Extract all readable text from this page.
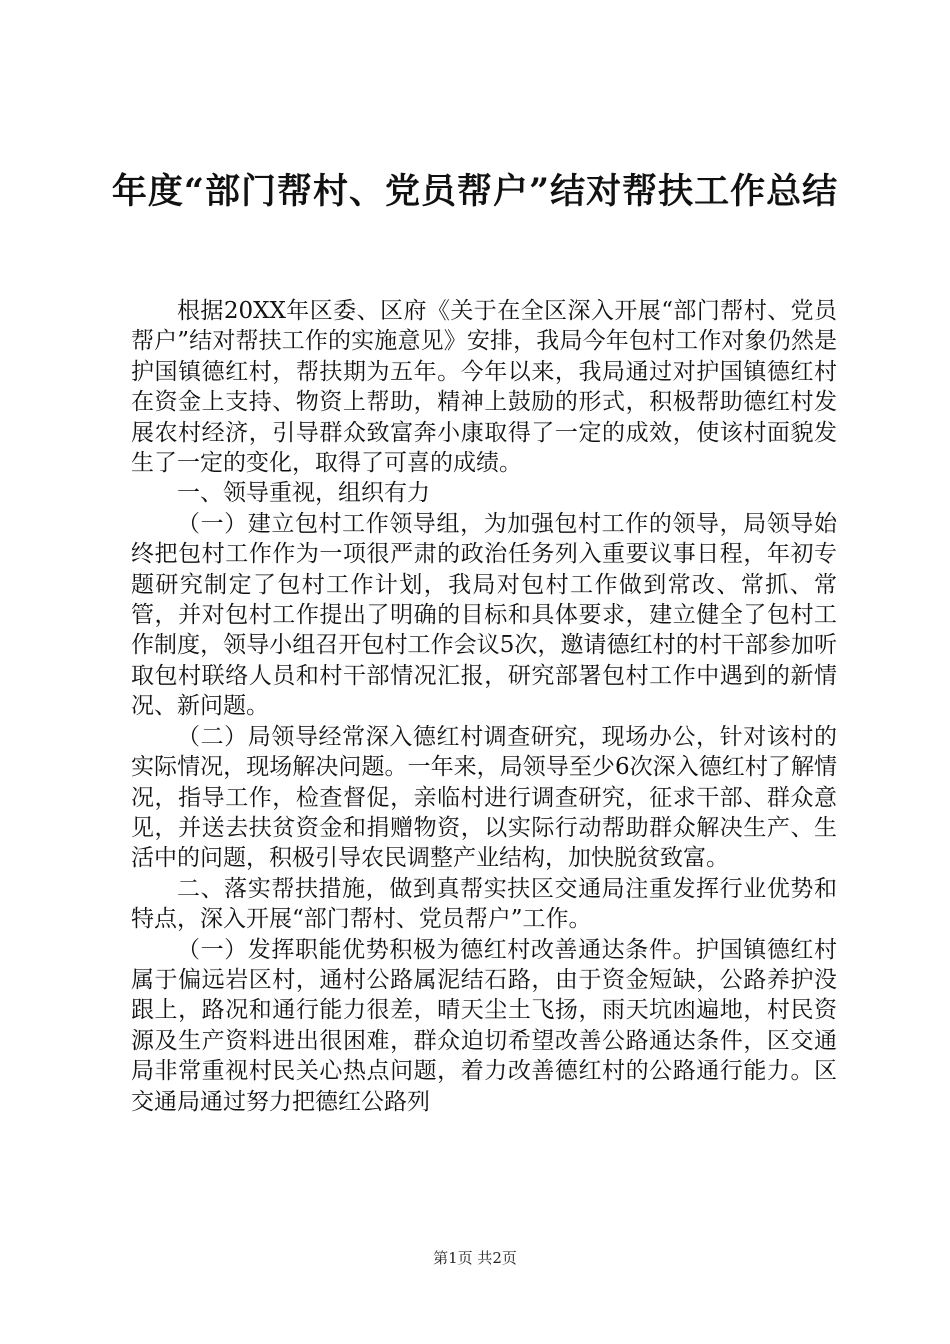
年度“部门帮村、党员帮户”结对帮扶工作总结

根据20XX年区委、区府《关于在全区深入开展“部门帮村、党员帮户”结对帮扶工作的实施意见》安排，我局今年包村工作对象仍然是护国镇德红村，帮扶期为五年。今年以来，我局通过对护国镇德红村在资金上支持、物资上帮助，精神上鼓励的形式，积极帮助德红村发展农村经济，引导群众致富奔小康取得了一定的成效，使该村面貌发生了一定的变化，取得了可喜的成绩。

一、领导重视，组织有力

（一）建立包村工作领导组，为加强包村工作的领导，局领导始终把包村工作作为一项很严肃的政治任务列入重要议事日程，年初专题研究制定了包村工作计划，我局对包村工作做到常改、常抓、常管，并对包村工作提出了明确的目标和具体要求，建立健全了包村工作制度，领导小组召开包村工作会议5次，邀请德红村的村干部参加听取包村联络人员和村干部情况汇报，研究部署包村工作中遇到的新情况、新问题。

（二）局领导经常深入德红村调查研究，现场办公，针对该村的实际情况，现场解决问题。一年来，局领导至少6次深入德红村了解情况，指导工作，检查督促，亲临村进行调查研究，征求干部、群众意见，并送去扶贫资金和捐赠物资，以实际行动帮助群众解决生产、生活中的问题，积极引导农民调整产业结构，加快脱贫致富。

二、落实帮扶措施，做到真帮实扶区交通局注重发挥行业优势和特点，深入开展“部门帮村、党员帮户”工作。

（一）发挥职能优势积极为德红村改善通达条件。护国镇德红村属于偏远岩区村，通村公路属泥结石路，由于资金短缺，公路养护没跟上，路况和通行能力很差，晴天尘土飞扬，雨天坑凼遍地，村民资源及生产资料进出很困难，群众迫切希望改善公路通达条件，区交通局非常重视村民关心热点问题，着力改善德红村的公路通行能力。区交通局通过努力把德红公路列

第1页 共2页
